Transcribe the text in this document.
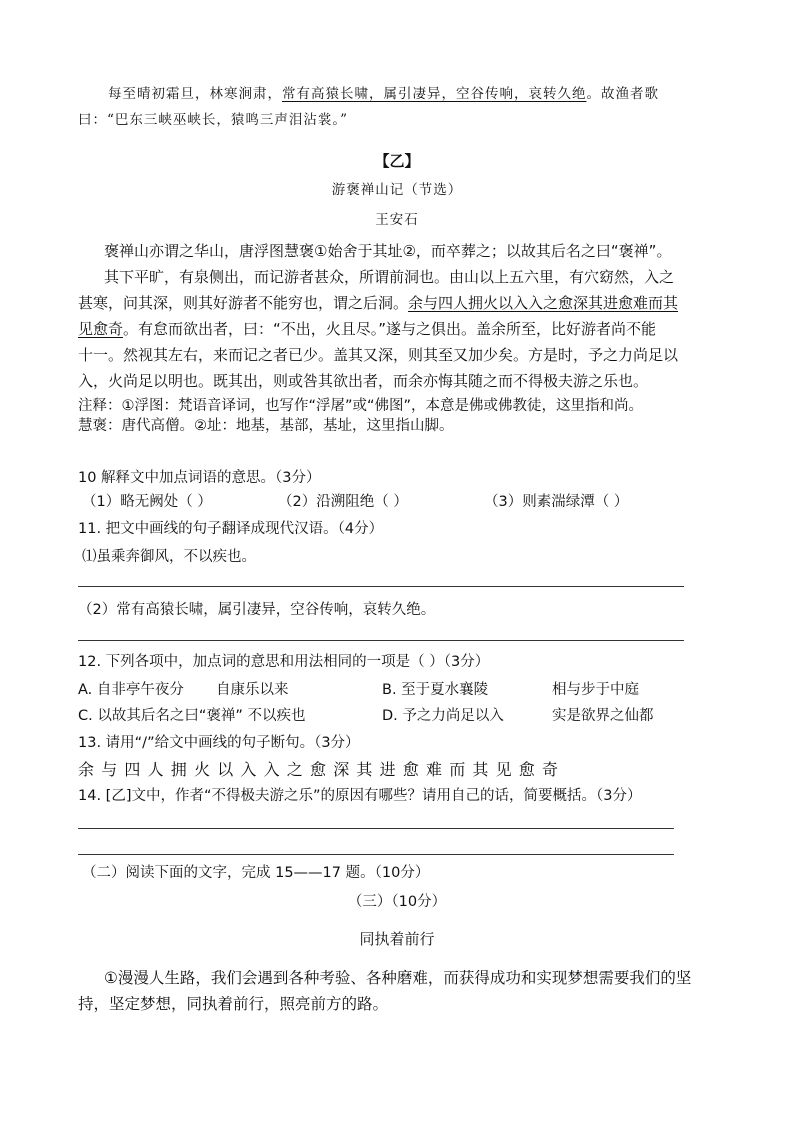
每至晴初霜旦，林寒涧肃，常有高猿长啸，属引凄异，空谷传响，哀转久绝。故渔者歌
曰：“巴东三峡巫峡长，猿鸣三声泪沾裳。”
【乙】
游褒禅山记（节选）
王安石
褒禅山亦谓之华山，唐浮图慧褒①始舍于其址②，而卒葬之；以故其后名之曰“褒禅”。
其下平旷，有泉侧出，而记游者甚众，所谓前洞也。由山以上五六里，有穴窈然，入之
甚寒，问其深，则其好游者不能穷也，谓之后洞。余与四人拥火以入入之愈深其进愈难而其
见愈奇。有怠而欲出者，曰：“不出，火且尽。”遂与之俱出。盖余所至，比好游者尚不能
十一。然视其左右，来而记之者已少。盖其又深，则其至又加少矣。方是时，予之力尚足以
入，火尚足以明也。既其出，则或咎其欲出者，而余亦悔其随之而不得极夫游之乐也。
注释：①浮图：梵语音译词，也写作“浮屠”或“佛图”，本意是佛或佛教徒，这里指和尚。
慧褒：唐代高僧。②址：地基，基部，基址，这里指山脚。
10 解释文中加点词语的意思。（3分）
（1）略无阙处（ ）	（2）沿溯阻绝（ ）	（3）则素湍绿潭（ ）
11. 把文中画线的句子翻译成现代汉语。（4分）
⑴虽乘奔御风，不以疾也。
（2）常有高猿长啸，属引凄异，空谷传响，哀转久绝。
12. 下列各项中，加点词的意思和用法相同的一项是（ ）（3分）
A. 自非亭午夜分 自康乐以来	B. 至于夏水襄陵	相与步于中庭
C. 以故其后名之曰“褒禅” 不以疾也	D. 予之力尚足以入	实是欲界之仙都
13. 请用“/”给文中画线的句子断句。（3分）
余与四人拥火以入入之愈深其进愈难而其见愈奇
14. [乙]文中，作者“不得极夫游之乐”的原因有哪些？请用自己的话，简要概括。（3分）
（二）阅读下面的文字，完成 15——17 题。（10分）
（三）（10分）
同执着前行
①漫漫人生路，我们会遇到各种考验、各种磨难，而获得成功和实现梦想需要我们的坚
持，坚定梦想，同执着前行，照亮前方的路。
